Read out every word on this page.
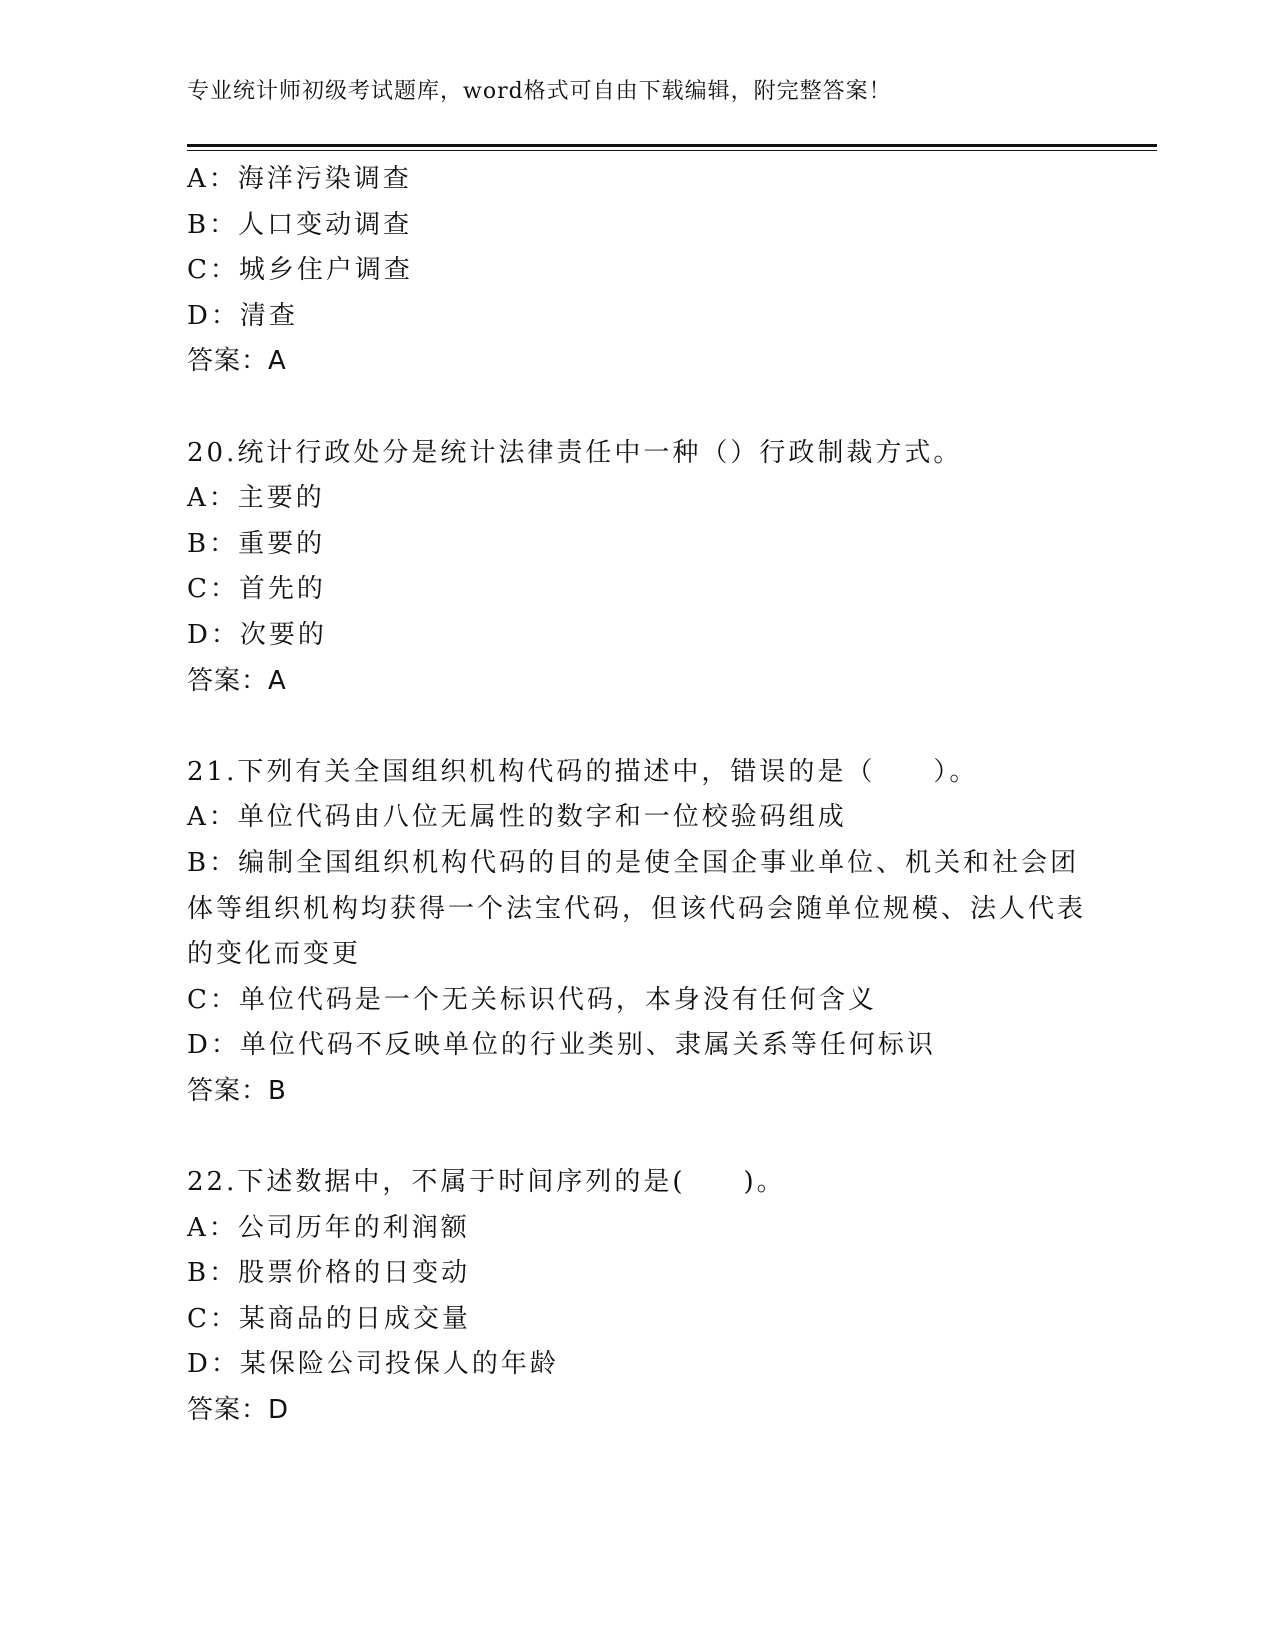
专业统计师初级考试题库，word格式可自由下载编辑，附完整答案！
A：海洋污染调查
B：人口变动调查
C：城乡住户调查
D：清查
答案：A
20.统计行政处分是统计法律责任中一种（）行政制裁方式。
A：主要的
B：重要的
C：首先的
D：次要的
答案：A
21.下列有关全国组织机构代码的描述中，错误的是（　　）。
A：单位代码由八位无属性的数字和一位校验码组成
B：编制全国组织机构代码的目的是使全国企事业单位、机关和社会团体等组织机构均获得一个法宝代码，但该代码会随单位规模、法人代表的变化而变更
C：单位代码是一个无关标识代码，本身没有任何含义
D：单位代码不反映单位的行业类别、隶属关系等任何标识
答案：B
22.下述数据中，不属于时间序列的是(　　)。
A：公司历年的利润额
B：股票价格的日变动
C：某商品的日成交量
D：某保险公司投保人的年龄
答案：D
